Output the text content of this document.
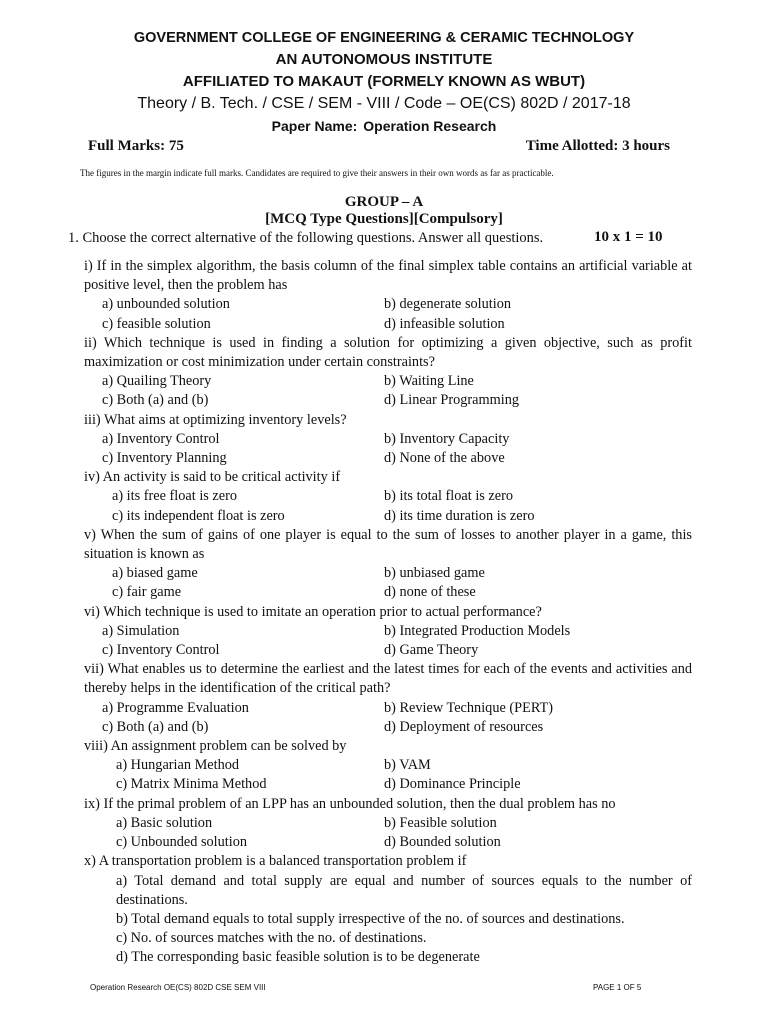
GOVERNMENT COLLEGE OF ENGINEERING & CERAMIC TECHNOLOGY
AN AUTONOMOUS INSTITUTE
AFFILIATED TO MAKAUT (FORMELY KNOWN AS WBUT)
Theory / B. Tech. / CSE / SEM - VIII / Code – OE(CS) 802D / 2017-18
Paper Name: Operation Research
Full Marks: 75	Time Allotted: 3 hours
The figures in the margin indicate full marks. Candidates are required to give their answers in their own words as far as practicable.
GROUP – A
[MCQ Type Questions][Compulsory]
1. Choose the correct alternative of the following questions. Answer all questions.	10 x 1 = 10
i) If in the simplex algorithm, the basis column of the final simplex table contains an artificial variable at positive level, then the problem has
a) unbounded solution	b) degenerate solution
c) feasible solution	d) infeasible solution
ii) Which technique is used in finding a solution for optimizing a given objective, such as profit maximization or cost minimization under certain constraints?
a) Quailing Theory	b) Waiting Line
c) Both (a) and (b)	d) Linear Programming
iii) What aims at optimizing inventory levels?
a) Inventory Control	b) Inventory Capacity
c) Inventory Planning	d) None of the above
iv) An activity is said to be critical activity if
a) its free float is zero	b) its total float is zero
c) its independent float is zero	d) its time duration is zero
v) When the sum of gains of one player is equal to the sum of losses to another player in a game, this situation is known as
a) biased game	b) unbiased game
c) fair game	d) none of these
vi) Which technique is used to imitate an operation prior to actual performance?
a) Simulation	b) Integrated Production Models
c) Inventory Control	d) Game Theory
vii) What enables us to determine the earliest and the latest times for each of the events and activities and thereby helps in the identification of the critical path?
a) Programme Evaluation	b) Review Technique (PERT)
c) Both (a) and (b)	d) Deployment of resources
viii) An assignment problem can be solved by
a) Hungarian Method	b) VAM
c) Matrix Minima Method	d) Dominance Principle
ix) If the primal problem of an LPP has an unbounded solution, then the dual problem has no
a) Basic solution	b) Feasible solution
c) Unbounded solution	d) Bounded solution
x) A transportation problem is a balanced transportation problem if
a) Total demand and total supply are equal and number of sources equals to the number of destinations.
b) Total demand equals to total supply irrespective of the no. of sources and destinations.
c) No. of sources matches with the no. of destinations.
d) The corresponding basic feasible solution is to be degenerate
Operation Research OE(CS) 802D CSE SEM VIII	PAGE 1 OF 5
